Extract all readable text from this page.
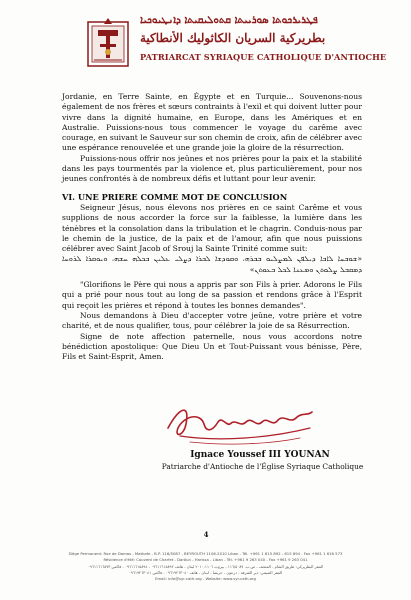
ܦܛܪܝܪܟܘܬܐ ܣܘܪܝܝܬܐ ܩܬܘܠܝܩܝܬܐ ܕܐܢܛܝܘܟܝܐ
بطريركية السريان الكاثوليك الأنطاكية
PATRIARCAT SYRIAQUE CATHOLIQUE D'ANTIOCHE

Jordanie, en Terre Sainte, en Égypte et en Turquie... Souvenons-nous également de nos frères et sœurs contraints à l'exil et qui doivent lutter pour vivre dans la dignité humaine, en Europe, dans les Amériques et en Australie. Puissions-nous tous commencer le voyage du carême avec courage, en suivant le Sauveur sur son chemin de croix, afin de célébrer avec une espérance renouvelée et une grande joie la gloire de la résurrection.

Puissions-nous offrir nos jeûnes et nos prières pour la paix et la stabilité dans les pays tourmentés par la violence et, plus particulièrement, pour nos jeunes confrontés à de nombreux défis et luttant pour leur avenir.

VI. UNE PRIERE COMME MOT DE CONCLUSION

Seigneur Jésus, nous élevons nos prières en ce saint Carême et vous supplions de nous accorder la force sur la faiblesse, la lumière dans les ténèbres et la consolation dans la tribulation et le chagrin. Conduis-nous par le chemin de la justice, de la paix et de l'amour, afin que nous puissions célébrer avec Saint Jacob of Srouj la Sainte Trinité comme suit:

«ܫܘܒܚܐ ܠܐܒܐ ܕܝܠܦܢ ܠܡܨܠܝܘ ܒܒܪܗ، ܘܩܘܕܫܐ ܠܒܪܐ ܕܨܠܝ ܥܠܝܢ ܒܟܠܗ ܚܫܗ، ܘܝܘܩܪܐ ܠܪܘܚܐ ܕܡܩܒܠ ܨܠܘܬܢ ܘܡܥܢܐ ܠܟܠ ܒܥܘܬܢ»

"Glorifions le Père qui nous a appris par son Fils à prier. Adorons le Fils qui a prié pour nous tout au long de sa passion et rendons grâce à l'Esprit qui reçoit les prières et répond à toutes les bonnes demandes".

Nous demandons à Dieu d'accepter votre jeûne, votre prière et votre charité, et de nous qualifier, tous, pour célébrer la joie de sa Résurrection.

Signe de note affection paternelle, nous vous accordons notre bénédiction apostolique: Que Dieu Un et Tout-Puissant vous bénisse, Père, Fils et Saint-Esprit, Amen.

Ignace Youssef III YOUNAN
Patriarche d'Antioche de l'Église Syriaque Catholique
4
Siège Permanent: Rue de Damas - Mathafe - B.P. 116/5087 - BEYROUTH 1106-2010 Liban - Tél. +961 1 615 892 - 615 894 - Fax +961 1 616 573
Résidence d'été: Couvent de Charfet - Darôun - Harissa - Liban - Tél. +961 9 263 040 - Fax +961 9 263 041
المقر البطريركي: طريق الشام - المتحف - ص.ب. ١١٦/٥٠٨٧ - بيروت ١١٠٦-٢٠١٠ لبنان - هاتف ٠٩٦١١٦١٥٨٩٢ - ٠٩٦١١٦١٥٨٩٤ - فاكس ٠٩٦١١٦١٦٥٧٣
المقر الصيفي: دير الشرفة - درعون - حريصا - لبنان - هاتف ٠٩٦١٩٢٦٣٠٤٠ - فاكس ٠٩٦١٩٢٦٣٠٤١
Email: info@syr-cath.org - Website: www.syr-cath.org
